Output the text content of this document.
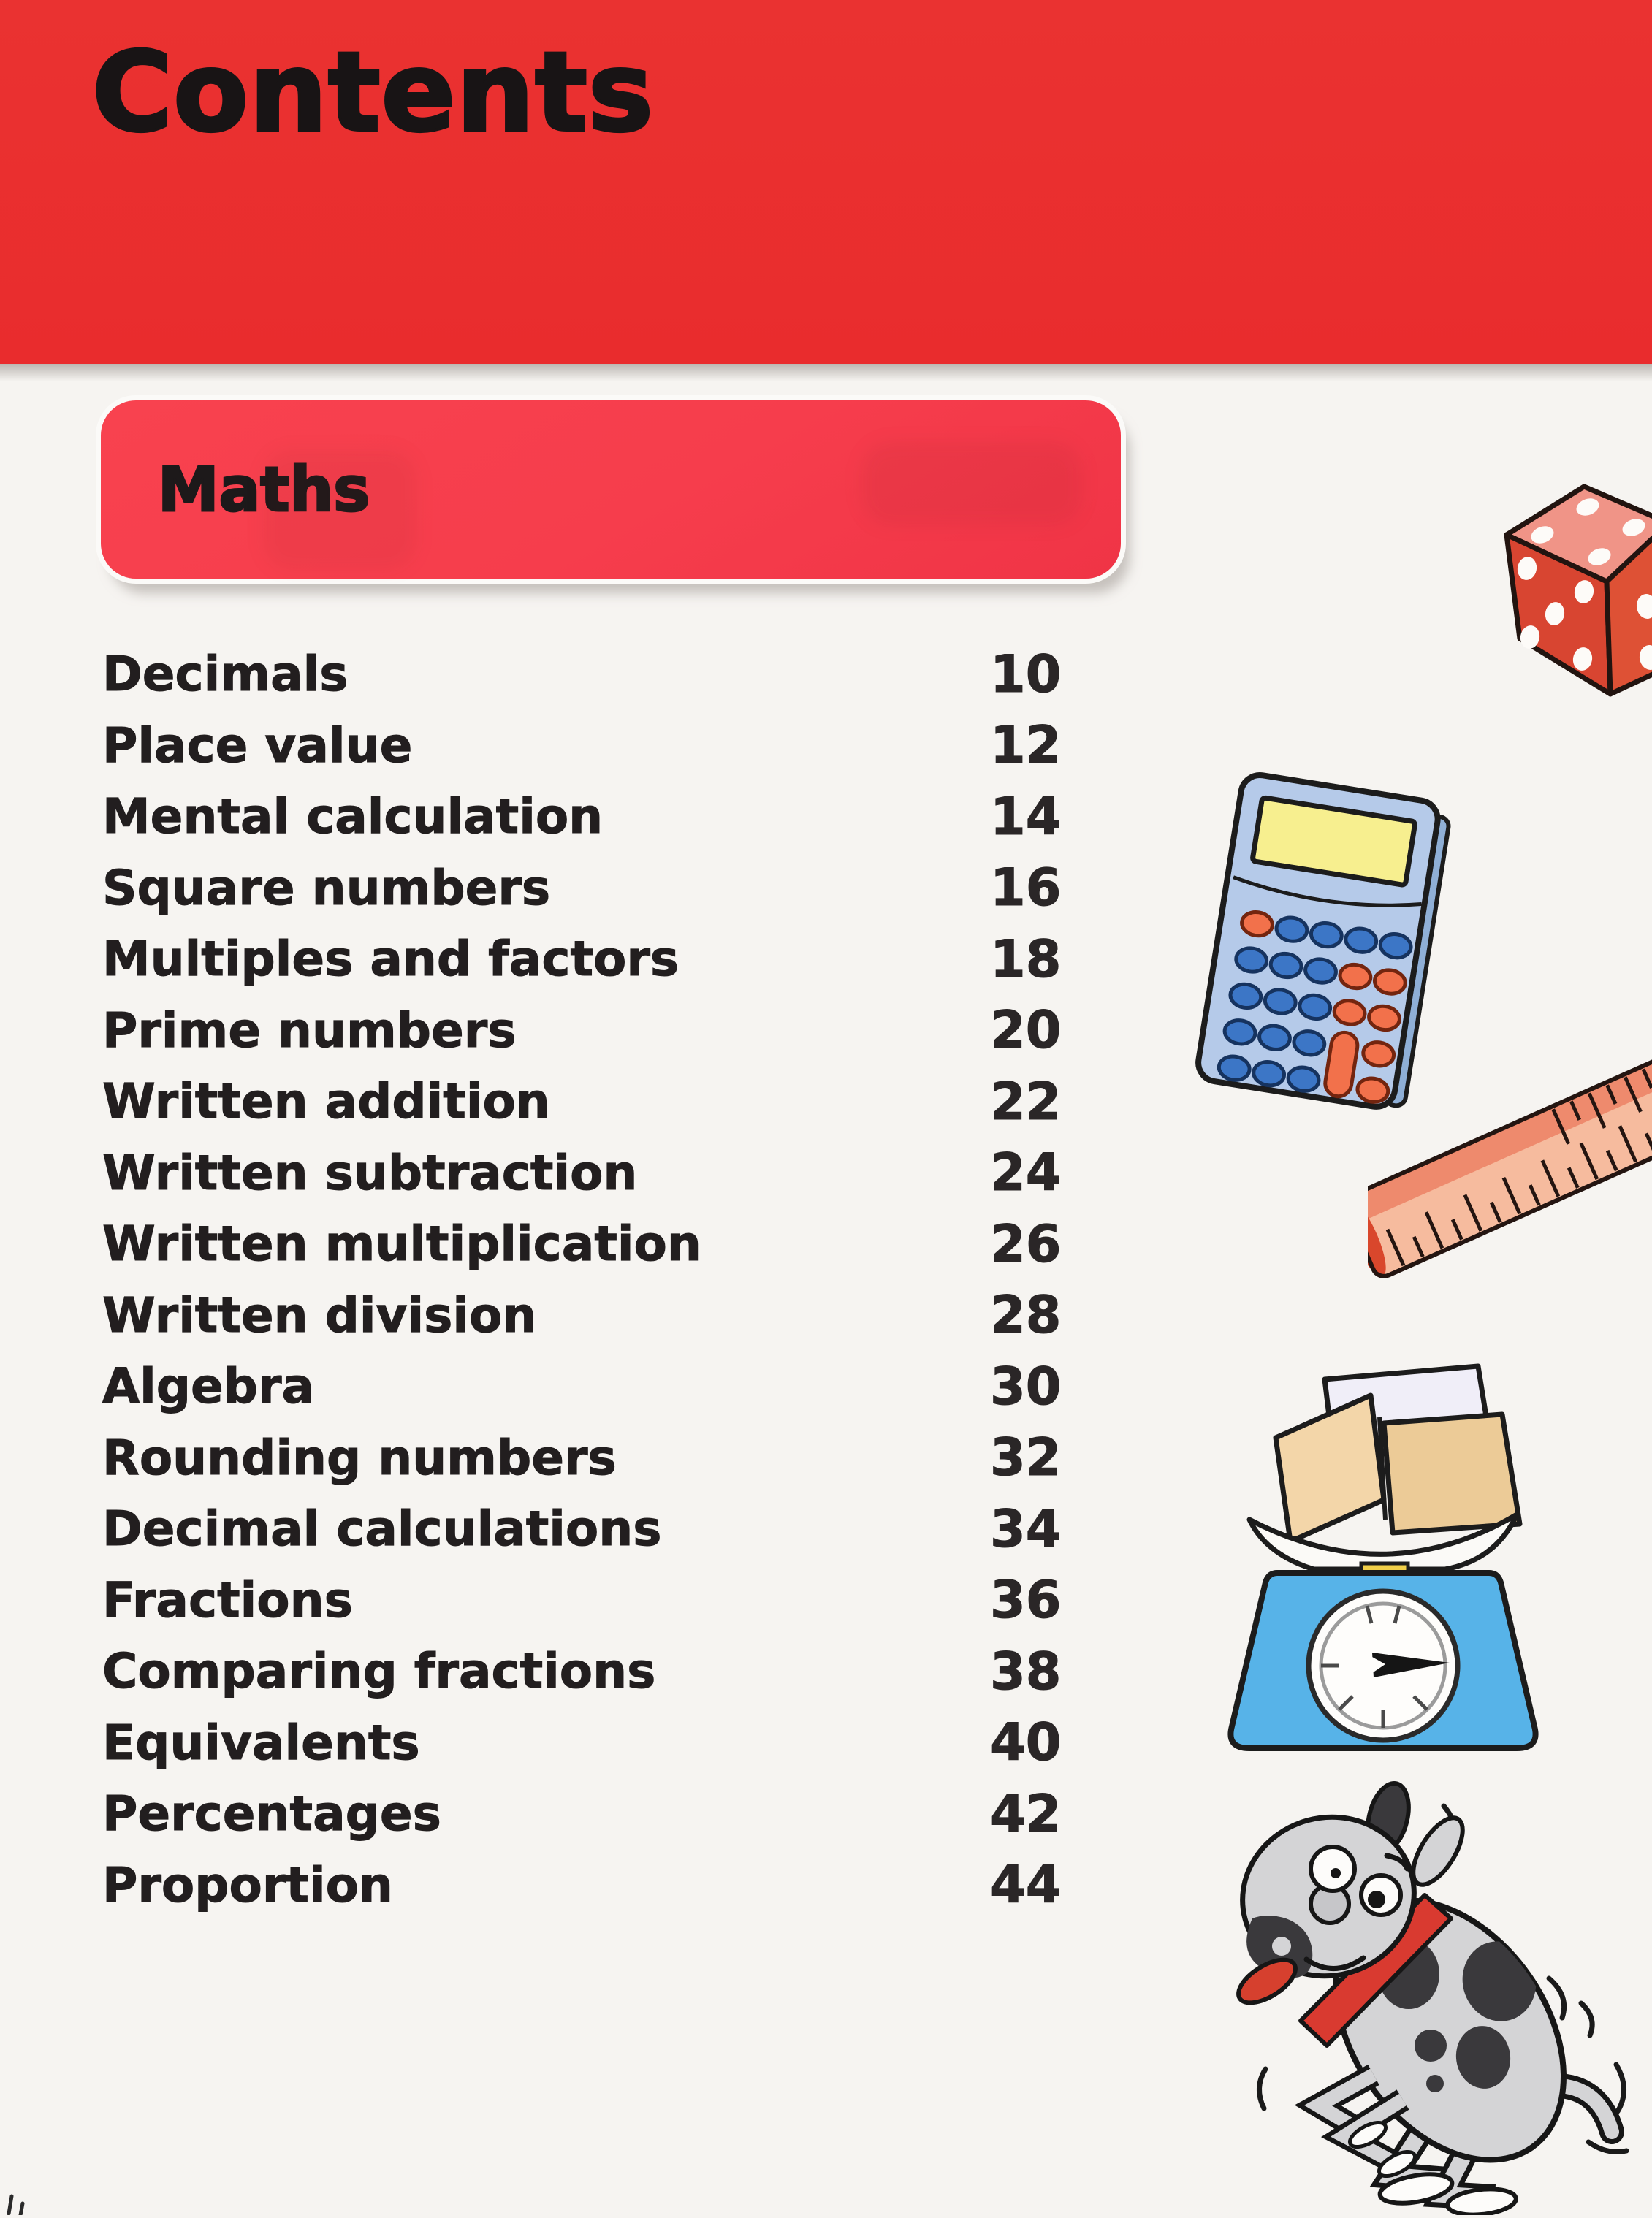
Contents
Maths
Decimals	10
Place value	12
Mental calculation	14
Square numbers	16
Multiples and factors	18
Prime numbers	20
Written addition	22
Written subtraction	24
Written multiplication	26
Written division	28
Algebra	30
Rounding numbers	32
Decimal calculations	34
Fractions	36
Comparing fractions	38
Equivalents	40
Percentages	42
Proportion	44
